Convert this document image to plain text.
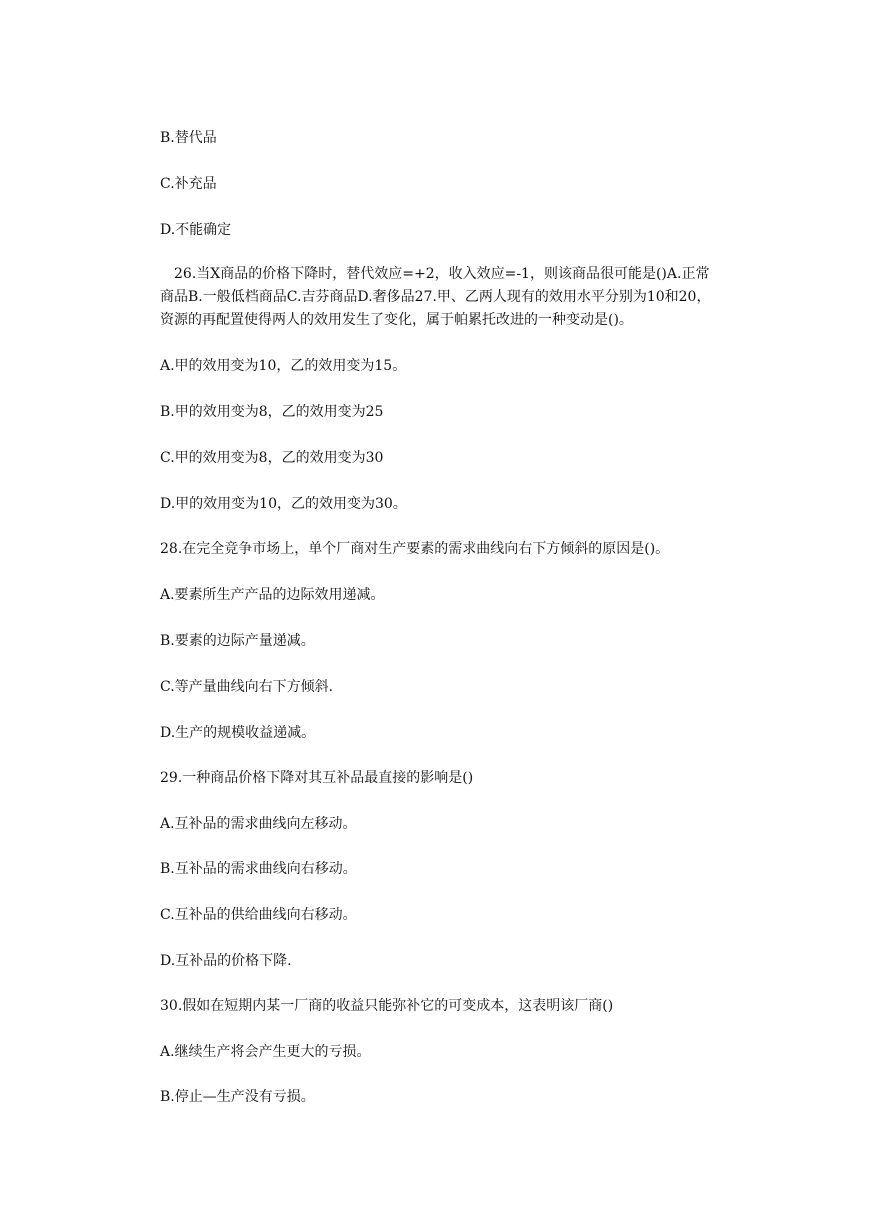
B.替代品
C.补充品
D.不能确定
26.当X商品的价格下降时，替代效应=+2，收入效应=-1，则该商品很可能是()A.正常
商品B.一般低档商品C.吉芬商品D.奢侈品27.甲、乙两人现有的效用水平分别为10和20，
资源的再配置使得两人的效用发生了变化，属于帕累托改进的一种变动是()。
A.甲的效用变为10，乙的效用变为15。
B.甲的效用变为8，乙的效用变为25
C.甲的效用变为8，乙的效用变为30
D.甲的效用变为10，乙的效用变为30。
28.在完全竞争市场上，单个厂商对生产要素的需求曲线向右下方倾斜的原因是()。
A.要素所生产产品的边际效用递减。
B.要素的边际产量递减。
C.等产量曲线向右下方倾斜.
D.生产的规模收益递减。
29.一种商品价格下降对其互补品最直接的影响是()
A.互补品的需求曲线向左移动。
B.互补品的需求曲线向右移动。
C.互补品的供给曲线向右移动。
D.互补品的价格下降.
30.假如在短期内某一厂商的收益只能弥补它的可变成本，这表明该厂商()
A.继续生产将会产生更大的亏损。
B.停止—生产没有亏损。
